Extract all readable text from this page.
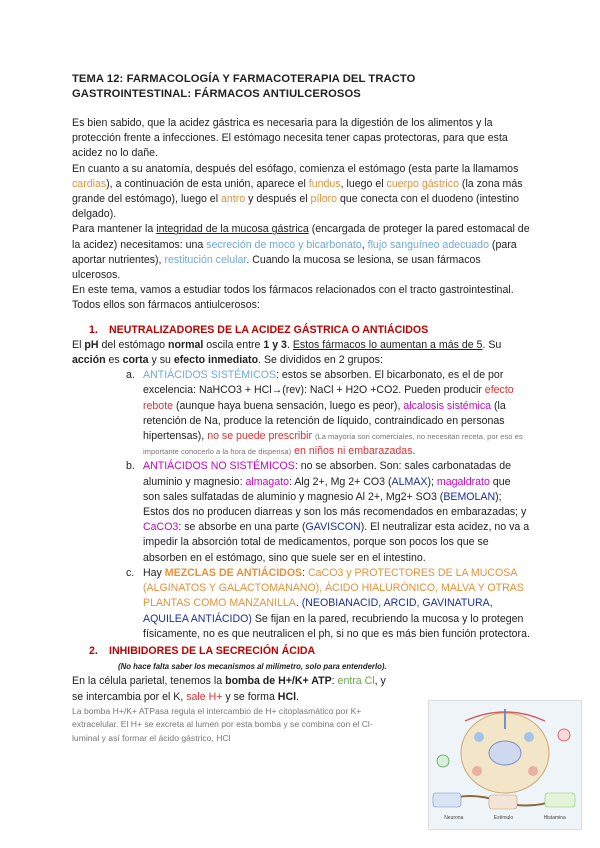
TEMA 12: FARMACOLOGÍA Y FARMACOTERAPIA DEL TRACTO
GASTROINTESTINAL: FÁRMACOS ANTIULCEROSOS

Es bien sabido, que la acidez gástrica es necesaria para la digestión de los alimentos y la protección frente a infecciones. El estómago necesita tener capas protectoras, para que esta acidez no lo dañe.

En cuanto a su anatomía, después del esófago, comienza el estómago (esta parte la llamamos cardias), a continuación de esta unión, aparece el fundus, luego el cuerpo gástrico (la zona más grande del estómago), luego el antro y después el píloro que conecta con el duodeno (intestino delgado).

Para mantener la integridad de la mucosa gástrica (encargada de proteger la pared estomacal de la acidez) necesitamos: una secreción de moco y bicarbonato, flujo sanguíneo adecuado (para aportar nutrientes), restitución celular. Cuando la mucosa se lesiona, se usan fármacos ulcerosos.

En este tema, vamos a estudiar todos los fármacos relacionados con el tracto gastrointestinal. Todos ellos son fármacos antiulcerosos:

1. NEUTRALIZADORES DE LA ACIDEZ GÁSTRICA O ANTIÁCIDOS

El pH del estómago normal oscila entre 1 y 3. Estos fármacos lo aumentan a más de 5. Su acción es corta y su efecto inmediato. Se divididos en 2 grupos:

a. ANTIÁCIDOS SISTÉMICOS: estos se absorben. El bicarbonato, es el de por excelencia: NaHCO3 + HCl→(rev): NaCl + H2O +CO2. Pueden producir efecto rebote (aunque haya buena sensación, luego es peor), alcalosis sistémica (la retención de Na, produce la retención de líquido, contraindicado en personas hipertensas), no se puede prescribir (La mayoría son comerciales, no necesitan receta, por eso es importante conocerlo a la hora de dispensa) en niños ni embarazadas.
b. ANTIÁCIDOS NO SISTÉMICOS: no se absorben. Son: sales carbonatadas de aluminio y magnesio: almagato: Alg 2+, Mg 2+ CO3 (ALMAX); magaldrato que son sales sulfatadas de aluminio y magnesio Al 2+, Mg2+ SO3 (BEMOLAN); Estos dos no producen diarreas y son los más recomendados en embarazadas; y CaCO3: se absorbe en una parte (GAVISCON). El neutralizar esta acidez, no va a impedir la absorción total de medicamentos, porque son pocos los que se absorben en el estómago, sino que suele ser en el intestino.
c. Hay MEZCLAS DE ANTIÁCIDOS: CaCO3 y PROTECTORES DE LA MUCOSA (ALGINATOS Y GALACTOMANANO), ÁCIDO HIALURÓNICO, MALVA Y OTRAS PLANTAS COMO MANZANILLA. (NEOBIANACID, ARCID, GAVINATURA, AQUILEA ANTIÁCIDO) Se fijan en la pared, recubriendo la mucosa y lo protegen físicamente, no es que neutralicen el ph, si no que es más bien función protectora.
2. INHIBIDORES DE LA SECRECIÓN ÁCIDA
(No hace falta saber los mecanismos al milímetro, solo para entenderlo).

En la célula parietal, tenemos la bomba de H+/K+ ATP: entra Cl, y se intercambia por el K, sale H+ y se forma HCl.

La bomba H+/K+ ATPasa regula el intercambio de H+ citoplasmático por K+ extracelular. El H+ se excreta al lumen por esta bomba y se combina con el Cl- luminal y así formar el ácido gástrico, HCl

Neurona	Estímulo	Histamina
